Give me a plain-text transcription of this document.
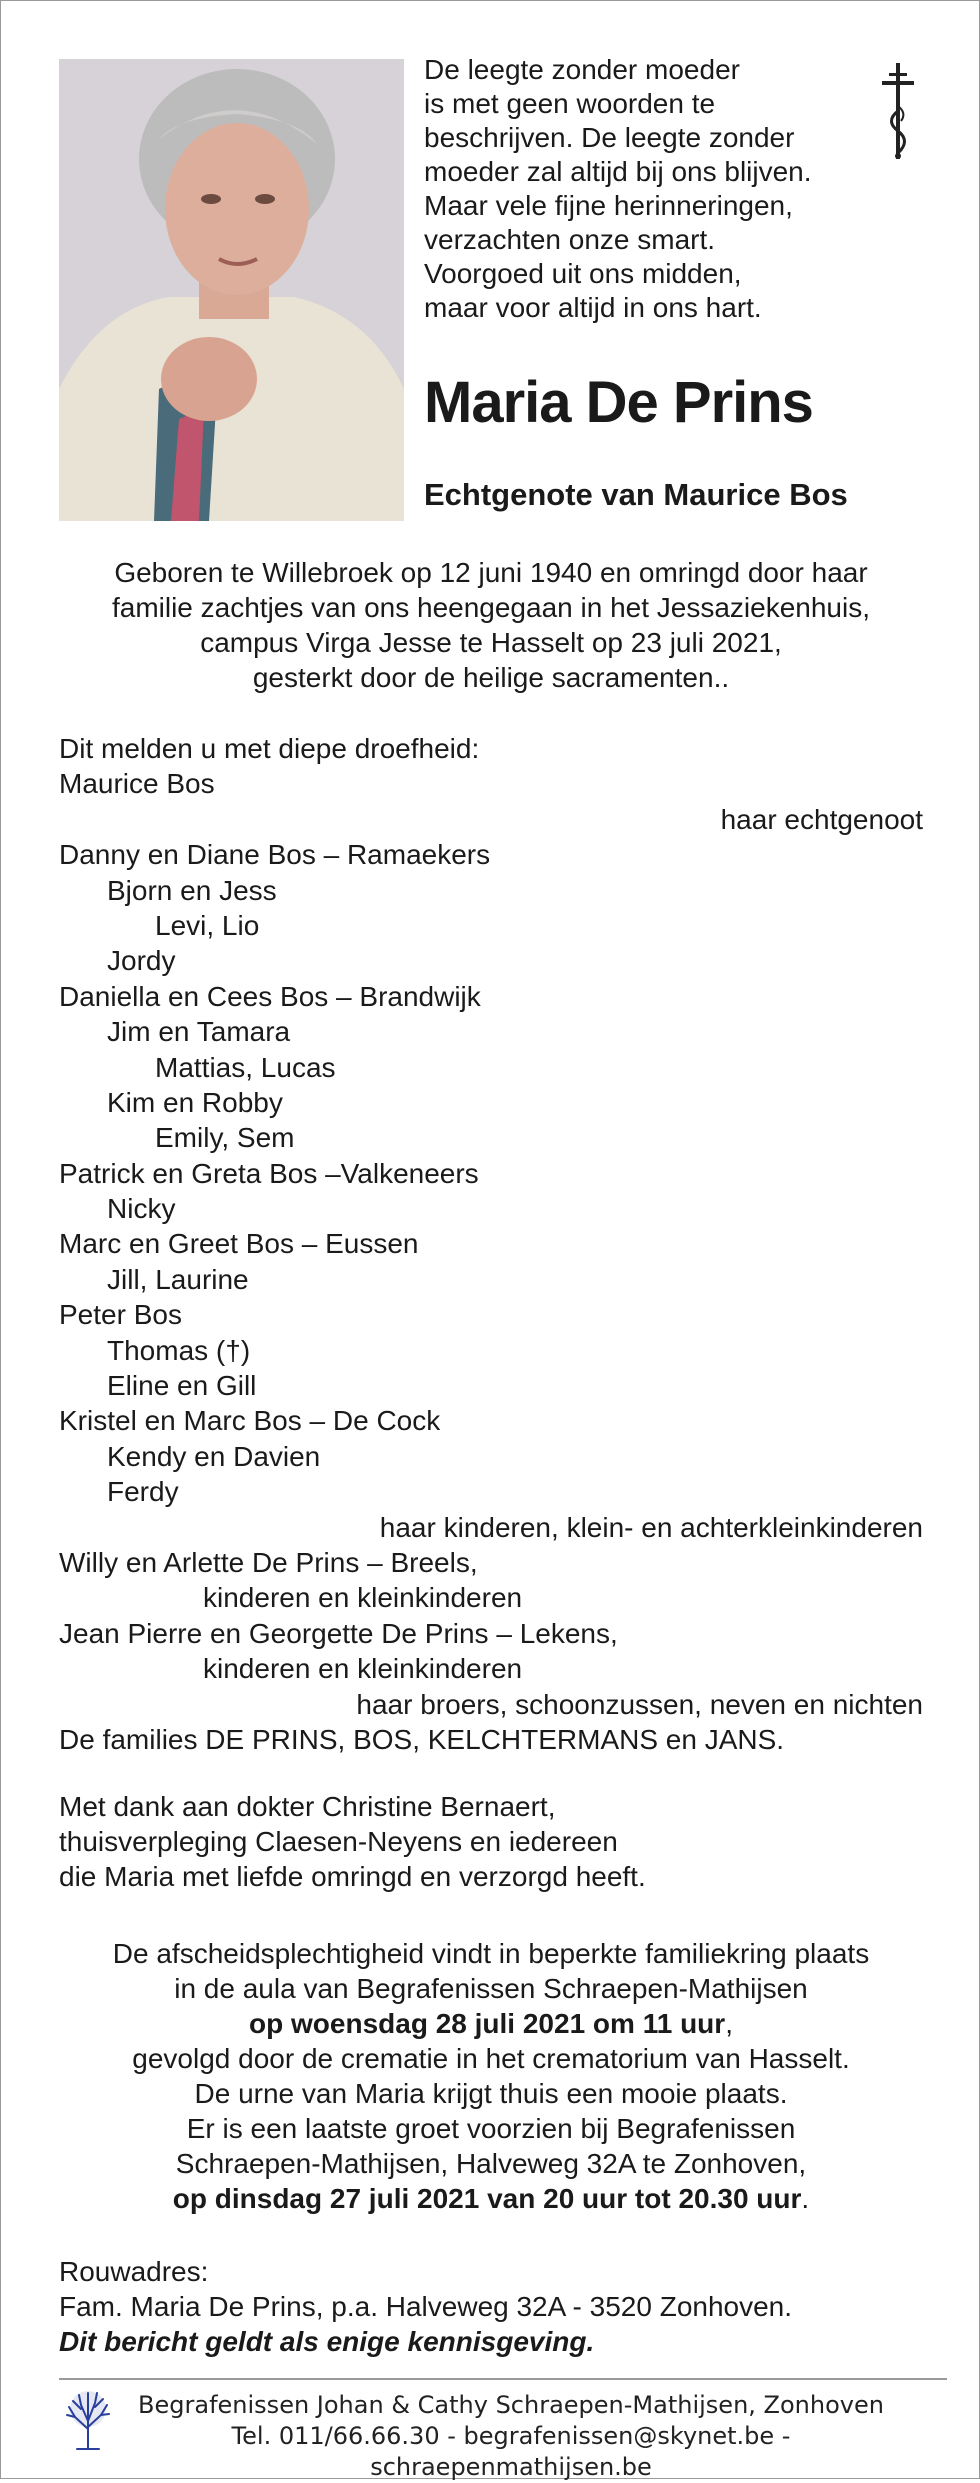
De leegte zonder moeder
is met geen woorden te
beschrijven. De leegte zonder
moeder zal altijd bij ons blijven.
Maar vele fijne herinneringen,
verzachten onze smart.
Voorgoed uit ons midden,
maar voor altijd in ons hart.
Maria De Prins
Echtgenote van Maurice Bos
Geboren te Willebroek op 12 juni 1940 en omringd door haar
familie zachtjes van ons heengegaan in het Jessaziekenhuis,
campus Virga Jesse te Hasselt op 23 juli 2021,
gesterkt door de heilige sacramenten..
Dit melden u met diepe droefheid:
Maurice Bos
haar echtgenoot
Danny en Diane Bos – Ramaekers
Bjorn en Jess
Levi, Lio
Jordy
Daniella en Cees Bos – Brandwijk
Jim en Tamara
Mattias, Lucas
Kim en Robby
Emily, Sem
Patrick en Greta Bos –Valkeneers
Nicky
Marc en Greet Bos – Eussen
Jill, Laurine
Peter Bos
Thomas (†)
Eline en Gill
Kristel en Marc Bos – De Cock
Kendy en Davien
Ferdy
haar kinderen, klein- en achterkleinkinderen
Willy en Arlette De Prins – Breels,
kinderen en kleinkinderen
Jean Pierre en Georgette De Prins – Lekens,
kinderen en kleinkinderen
haar broers, schoonzussen, neven en nichten
De families DE PRINS, BOS, KELCHTERMANS en JANS.
Met dank aan dokter Christine Bernaert,
thuisverpleging Claesen-Neyens en iedereen
die Maria met liefde omringd en verzorgd heeft.
De afscheidsplechtigheid vindt in beperkte familiekring plaats
in de aula van Begrafenissen Schraepen-Mathijsen
op woensdag 28 juli 2021 om 11 uur,
gevolgd door de crematie in het crematorium van Hasselt.
De urne van Maria krijgt thuis een mooie plaats.
Er is een laatste groet voorzien bij Begrafenissen
Schraepen-Mathijsen, Halveweg 32A te Zonhoven,
op dinsdag 27 juli 2021 van 20 uur tot 20.30 uur.
Rouwadres:
Fam. Maria De Prins, p.a. Halveweg 32A - 3520 Zonhoven.
Dit bericht geldt als enige kennisgeving.
Begrafenissen Johan & Cathy Schraepen-Mathijsen, Zonhoven
Tel. 011/66.66.30 - begrafenissen@skynet.be - schraepenmathijsen.be
